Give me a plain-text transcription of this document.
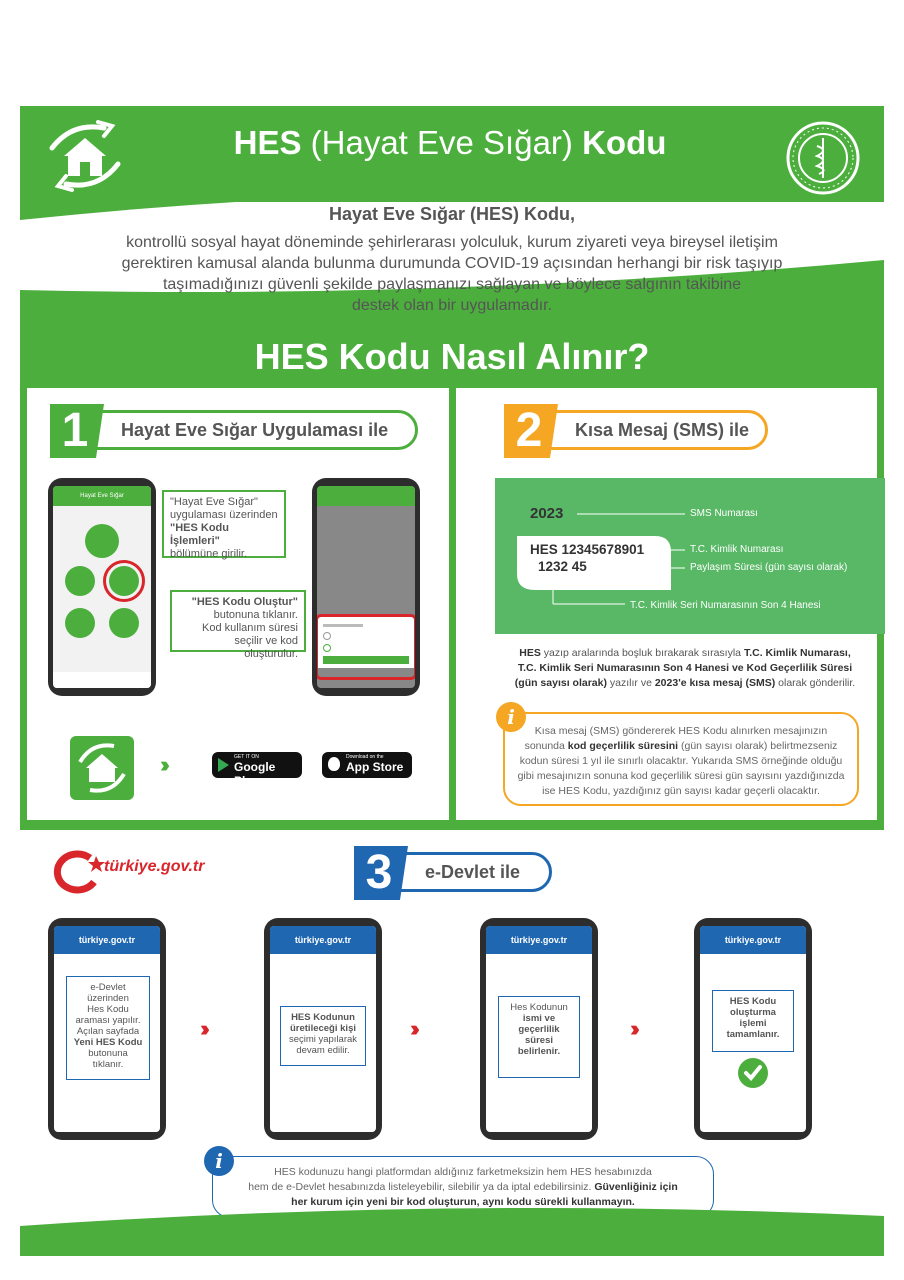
HES (Hayat Eve Sığar) Kodu
Hayat Eve Sığar (HES) Kodu,
kontrollü sosyal hayat döneminde şehirlerarası yolculuk, kurum ziyareti veya bireysel iletişim
gerektiren kamusal alanda bulunma durumunda COVID-19 açısından herhangi bir risk taşıyıp
taşımadığınızı güvenli şekilde paylaşmanızı sağlayan ve böylece salgının takibine
destek olan bir uygulamadır.
HES Kodu Nasıl Alınır?
Hayat Eve Sığar Uygulaması ile
1
Hayat Eve Sığar	"Hayat Eve Sığar"
uygulaması üzerinden
"HES Kodu İşlemleri"
bölümüne girilir.
"HES Kodu Oluştur"
butonuna tıklanır.
Kod kullanım süresi
seçilir ve kod oluşturulur.
›››	GET IT ON
Google Play
Download on the
App Store
Kısa Mesaj (SMS) ile
2
2023	SMS Numarası
HES 12345678901
1232 45
T.C. Kimlik Numarası
Paylaşım Süresi (gün sayısı olarak)
T.C. Kimlik Seri Numarasının Son 4 Hanesi
HES yazıp aralarında boşluk bırakarak sırasıyla T.C. Kimlik Numarası,
T.C. Kimlik Seri Numarasının Son 4 Hanesi ve Kod Geçerlilik Süresi
(gün sayısı olarak) yazılır ve 2023'e kısa mesaj (SMS) olarak gönderilir.
Kısa mesaj (SMS) göndererek HES Kodu alınırken mesajınızın
sonunda kod geçerlilik süresini (gün sayısı olarak) belirtmezseniz
kodun süresi 1 yıl ile sınırlı olacaktır. Yukarıda SMS örneğinde olduğu
gibi mesajınızın sonuna kod geçerlilik süresi gün sayısını yazdığınızda
ise HES Kodu, yazdığınız gün sayısı kadar geçerli olacaktır.
i
türkiye.gov.tr	e-Devlet ile
3
türkiye.gov.tr
e-Devlet
üzerinden
Hes Kodu
araması yapılır.
Açılan sayfada
Yeni HES Kodu
butonuna
tıklanır.
›››
türkiye.gov.tr
HES Kodunun
üretileceği kişi
seçimi yapılarak
devam edilir.
›››
türkiye.gov.tr
Hes Kodunun
ismi ve
geçerlilik
süresi
belirlenir.
›››
türkiye.gov.tr
HES Kodu
oluşturma
işlemi
tamamlanır.
HES kodunuzu hangi platformdan aldığınız farketmeksizin hem HES hesabınızda
hem de e-Devlet hesabınızda listeleyebilir, silebilir ya da iptal edebilirsiniz. Güvenliğiniz için
her kurum için yeni bir kod oluşturun, aynı kodu sürekli kullanmayın.
i
